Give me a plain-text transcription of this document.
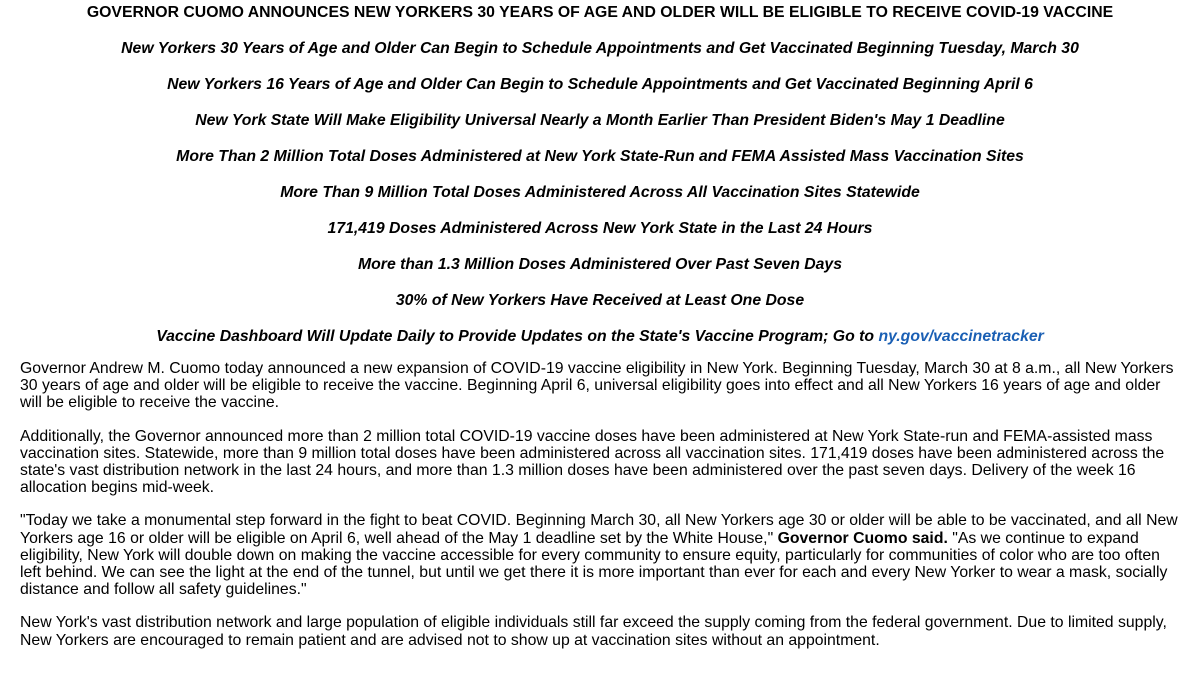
GOVERNOR CUOMO ANNOUNCES NEW YORKERS 30 YEARS OF AGE AND OLDER WILL BE ELIGIBLE TO RECEIVE COVID-19 VACCINE

New Yorkers 30 Years of Age and Older Can Begin to Schedule Appointments and Get Vaccinated Beginning Tuesday, March 30

New Yorkers 16 Years of Age and Older Can Begin to Schedule Appointments and Get Vaccinated Beginning April 6

New York State Will Make Eligibility Universal Nearly a Month Earlier Than President Biden's May 1 Deadline

More Than 2 Million Total Doses Administered at New York State-Run and FEMA Assisted Mass Vaccination Sites

More Than 9 Million Total Doses Administered Across All Vaccination Sites Statewide

171,419 Doses Administered Across New York State in the Last 24 Hours

More than 1.3 Million Doses Administered Over Past Seven Days

30% of New Yorkers Have Received at Least One Dose

Vaccine Dashboard Will Update Daily to Provide Updates on the State's Vaccine Program; Go to ny.gov/vaccinetracker

Governor Andrew M. Cuomo today announced a new expansion of COVID-19 vaccine eligibility in New York. Beginning Tuesday, March 30 at 8 a.m., all New Yorkers 30 years of age and older will be eligible to receive the vaccine. Beginning April 6, universal eligibility goes into effect and all New Yorkers 16 years of age and older will be eligible to receive the vaccine.

Additionally, the Governor announced more than 2 million total COVID-19 vaccine doses have been administered at New York State-run and FEMA-assisted mass vaccination sites. Statewide, more than 9 million total doses have been administered across all vaccination sites. 171,419 doses have been administered across the state's vast distribution network in the last 24 hours, and more than 1.3 million doses have been administered over the past seven days. Delivery of the week 16 allocation begins mid-week.

"Today we take a monumental step forward in the fight to beat COVID. Beginning March 30, all New Yorkers age 30 or older will be able to be vaccinated, and all New Yorkers age 16 or older will be eligible on April 6, well ahead of the May 1 deadline set by the White House," Governor Cuomo said. "As we continue to expand eligibility, New York will double down on making the vaccine accessible for every community to ensure equity, particularly for communities of color who are too often left behind. We can see the light at the end of the tunnel, but until we get there it is more important than ever for each and every New Yorker to wear a mask, socially distance and follow all safety guidelines."

New York's vast distribution network and large population of eligible individuals still far exceed the supply coming from the federal government. Due to limited supply, New Yorkers are encouraged to remain patient and are advised not to show up at vaccination sites without an appointment.
